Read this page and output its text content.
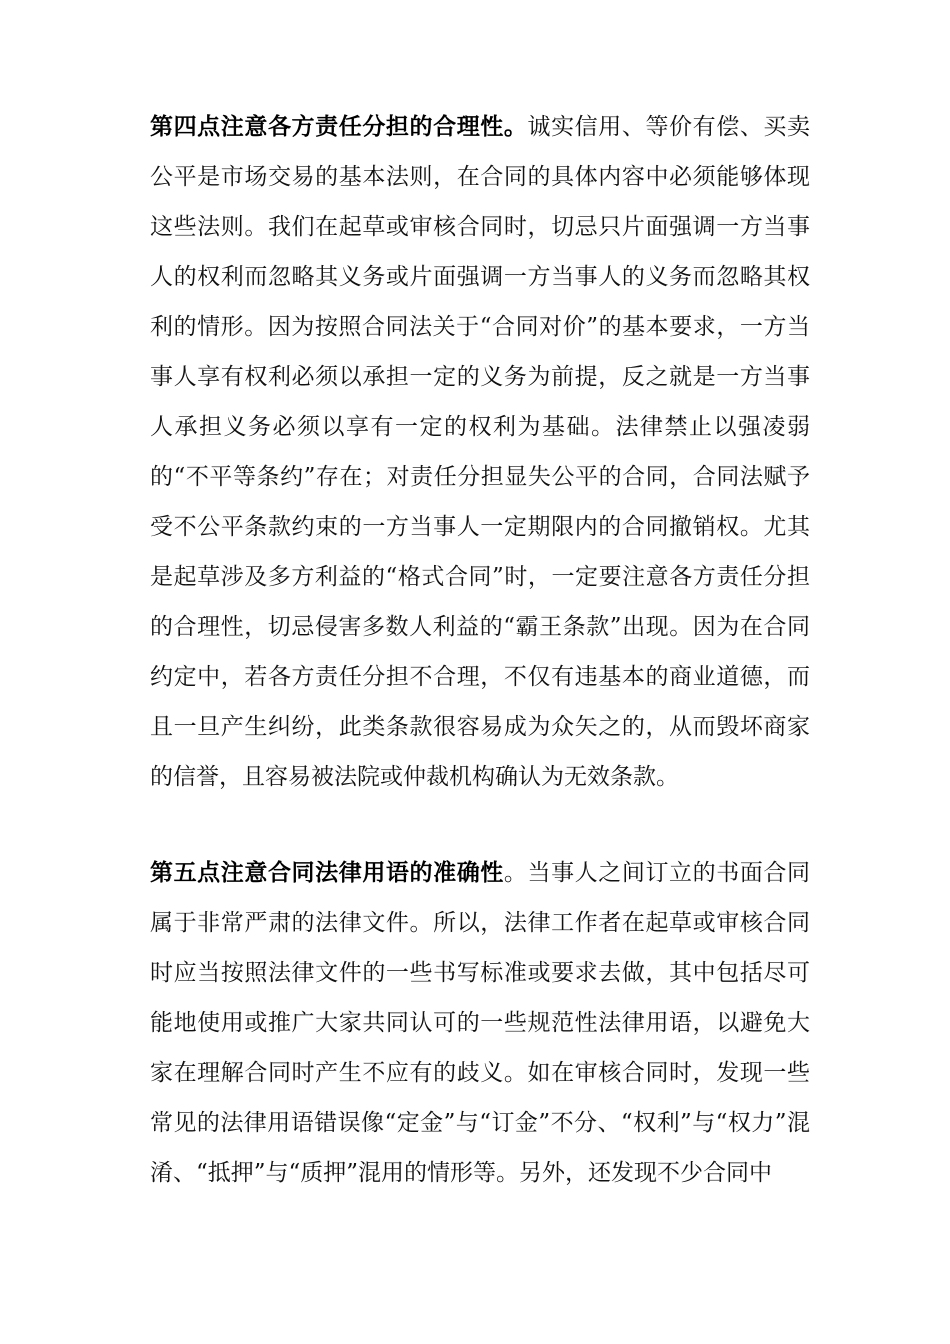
第四点注意各方责任分担的合理性。诚实信用、等价有偿、买卖公平是市场交易的基本法则，在合同的具体内容中必须能够体现这些法则。我们在起草或审核合同时，切忌只片面强调一方当事人的权利而忽略其义务或片面强调一方当事人的义务而忽略其权利的情形。因为按照合同法关于“合同对价”的基本要求，一方当事人享有权利必须以承担一定的义务为前提，反之就是一方当事人承担义务必须以享有一定的权利为基础。法律禁止以强凌弱的“不平等条约”存在；对责任分担显失公平的合同，合同法赋予受不公平条款约束的一方当事人一定期限内的合同撤销权。尤其是起草涉及多方利益的“格式合同”时，一定要注意各方责任分担的合理性，切忌侵害多数人利益的“霸王条款”出现。因为在合同约定中，若各方责任分担不合理，不仅有违基本的商业道德，而且一旦产生纠纷，此类条款很容易成为众矢之的，从而毁坏商家的信誉，且容易被法院或仲裁机构确认为无效条款。

第五点注意合同法律用语的准确性。当事人之间订立的书面合同属于非常严肃的法律文件。所以，法律工作者在起草或审核合同时应当按照法律文件的一些书写标准或要求去做，其中包括尽可能地使用或推广大家共同认可的一些规范性法律用语，以避免大家在理解合同时产生不应有的歧义。如在审核合同时，发现一些常见的法律用语错误像“定金”与“订金”不分、“权利”与“权力”混淆、“抵押”与“质押”混用的情形等。另外，还发现不少合同中
